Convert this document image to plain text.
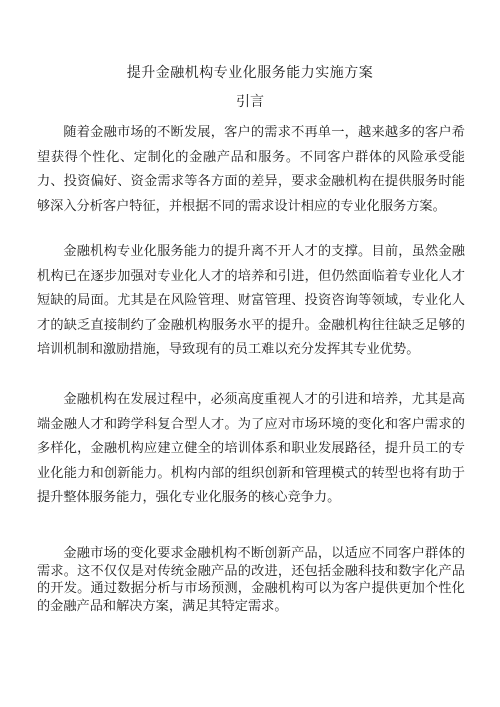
提升金融机构专业化服务能力实施方案
引言

随着金融市场的不断发展，客户的需求不再单一，越来越多的客户希望获得个性化、定制化的金融产品和服务。不同客户群体的风险承受能力、投资偏好、资金需求等各方面的差异，要求金融机构在提供服务时能够深入分析客户特征，并根据不同的需求设计相应的专业化服务方案。

金融机构专业化服务能力的提升离不开人才的支撑。目前，虽然金融机构已在逐步加强对专业化人才的培养和引进，但仍然面临着专业化人才短缺的局面。尤其是在风险管理、财富管理、投资咨询等领域，专业化人才的缺乏直接制约了金融机构服务水平的提升。金融机构往往缺乏足够的培训机制和激励措施，导致现有的员工难以充分发挥其专业优势。

金融机构在发展过程中，必须高度重视人才的引进和培养，尤其是高端金融人才和跨学科复合型人才。为了应对市场环境的变化和客户需求的多样化，金融机构应建立健全的培训体系和职业发展路径，提升员工的专业化能力和创新能力。机构内部的组织创新和管理模式的转型也将有助于提升整体服务能力，强化专业化服务的核心竞争力。

金融市场的变化要求金融机构不断创新产品，以适应不同客户群体的需求。这不仅仅是对传统金融产品的改进，还包括金融科技和数字化产品的开发。通过数据分析与市场预测，金融机构可以为客户提供更加个性化的金融产品和解决方案，满足其特定需求。
